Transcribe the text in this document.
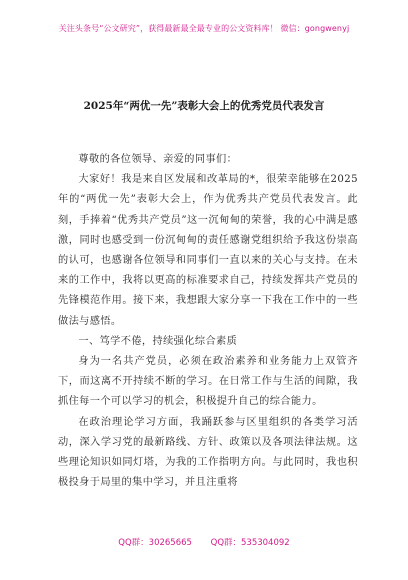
关注头条号“公文研究”，获得最新最全最专业的公文资料库！ 微信：gongwenyj
2025年“两优一先”表彰大会上的优秀党员代表发言

尊敬的各位领导、亲爱的同事们：

大家好！我是来自区发展和改革局的*，很荣幸能够在2025年的“两优一先”表彰大会上，作为优秀共产党员代表发言。此刻，手捧着“优秀共产党员”这一沉甸甸的荣誉，我的心中满是感激，同时也感受到一份沉甸甸的责任感谢党组织给予我这份崇高的认可，也感谢各位领导和同事们一直以来的关心与支持。在未来的工作中，我将以更高的标准要求自己，持续发挥共产党员的先锋模范作用。接下来，我想跟大家分享一下我在工作中的一些做法与感悟。

一、笃学不倦，持续强化综合素质

身为一名共产党员，必须在政治素养和业务能力上双管齐下，而这离不开持续不断的学习。在日常工作与生活的间隙，我抓住每一个可以学习的机会，积极提升自己的综合能力。

在政治理论学习方面，我踊跃参与区里组织的各类学习活动，深入学习党的最新路线、方针、政策以及各项法律法规。这些理论知识如同灯塔，为我的工作指明方向。与此同时，我也积极投身于局里的集中学习，并且注重将

QQ群：30265665 QQ群：535304092
